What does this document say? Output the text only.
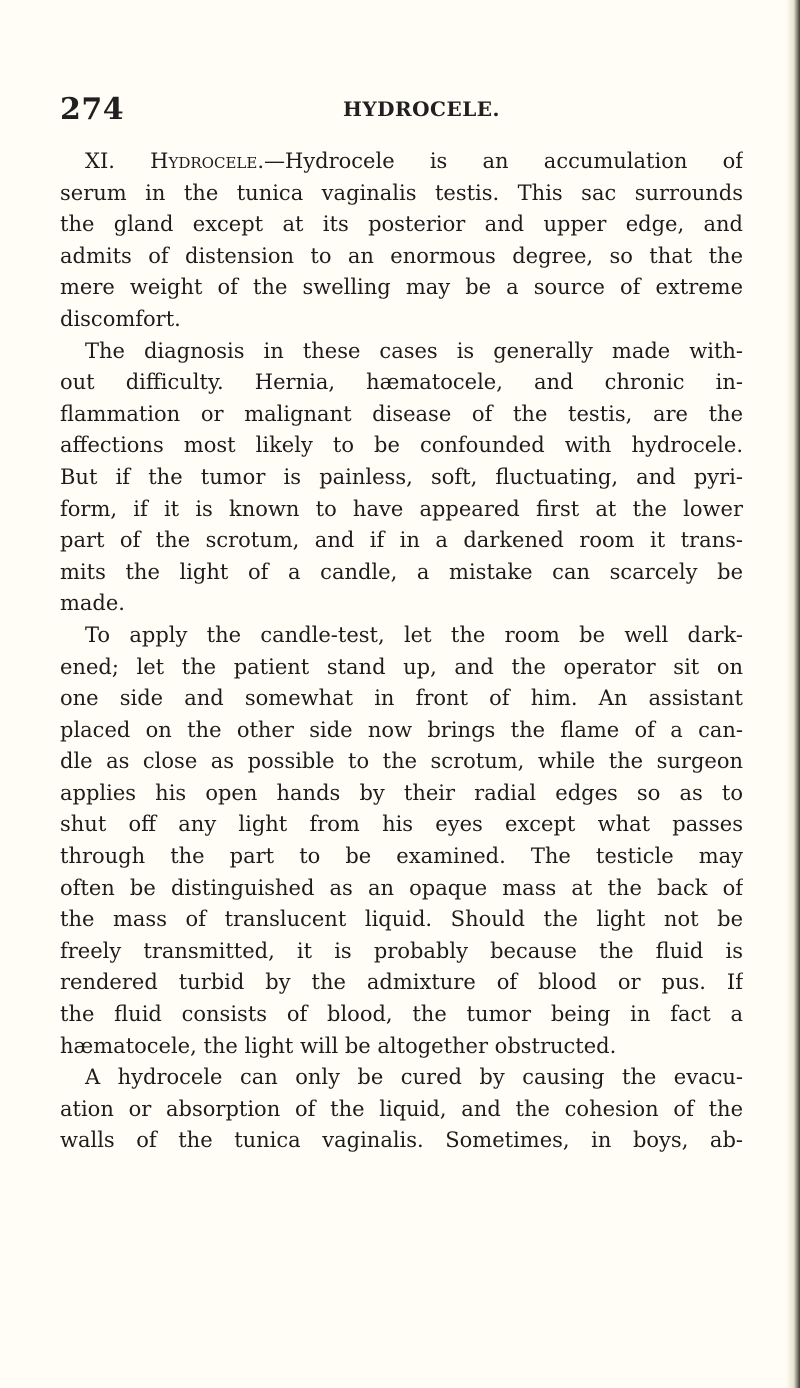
274	HYDROCELE.
XI. Hydrocele.—Hydrocele is an accumulation of
serum in the tunica vaginalis testis. This sac surrounds
the gland except at its posterior and upper edge, and
admits of distension to an enormous degree, so that the
mere weight of the swelling may be a source of extreme
discomfort.
The diagnosis in these cases is generally made with-
out difficulty. Hernia, hæmatocele, and chronic in-
flammation or malignant disease of the testis, are the
affections most likely to be confounded with hydrocele.
But if the tumor is painless, soft, fluctuating, and pyri-
form, if it is known to have appeared first at the lower
part of the scrotum, and if in a darkened room it trans-
mits the light of a candle, a mistake can scarcely be
made.
To apply the candle-test, let the room be well dark-
ened; let the patient stand up, and the operator sit on
one side and somewhat in front of him. An assistant
placed on the other side now brings the flame of a can-
dle as close as possible to the scrotum, while the surgeon
applies his open hands by their radial edges so as to
shut off any light from his eyes except what passes
through the part to be examined. The testicle may
often be distinguished as an opaque mass at the back of
the mass of translucent liquid. Should the light not be
freely transmitted, it is probably because the fluid is
rendered turbid by the admixture of blood or pus. If
the fluid consists of blood, the tumor being in fact a
hæmatocele, the light will be altogether obstructed.
A hydrocele can only be cured by causing the evacu-
ation or absorption of the liquid, and the cohesion of the
walls of the tunica vaginalis. Sometimes, in boys, ab-
